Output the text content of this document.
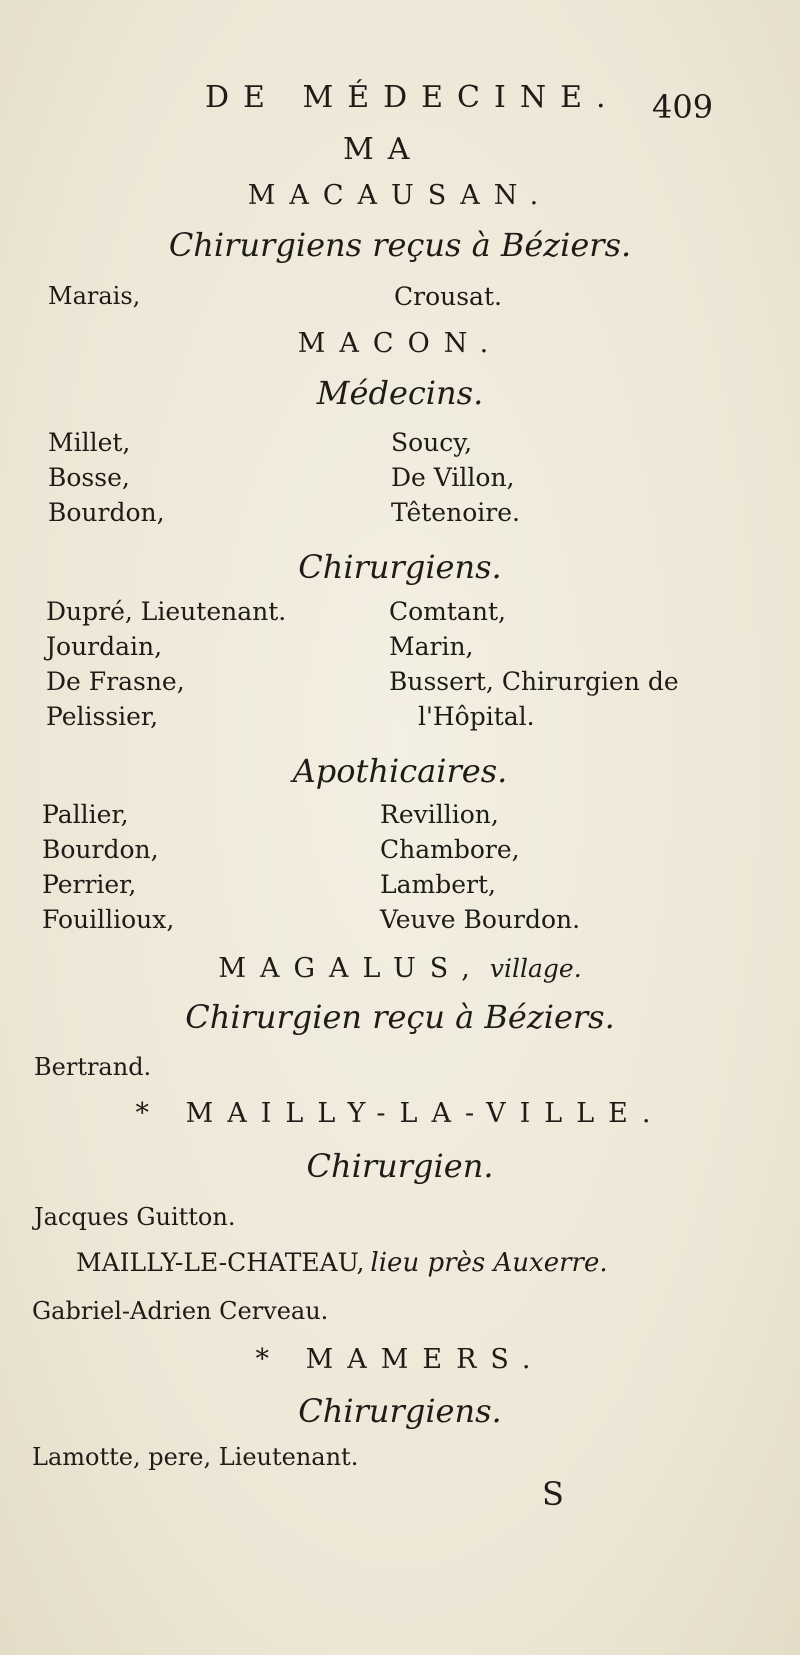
DE MÉDECINE. 409
MA
MACAUSAN.
Chirurgiens reçus à Béziers.
Marais,	Crousat.
MACON.
Médecins.
Millet,
Bosse,
Bourdon,
Soucy,
De Villon,
Têtenoire.
Chirurgiens.
Dupré, Lieutenant.
Jourdain,
De Frasne,
Pelissier,
Comtant,
Marin,
Bussert, Chirurgien de
l'Hôpital.
Apothicaires.
Pallier,
Bourdon,
Perrier,
Fouillioux,
Revillion,
Chambore,
Lambert,
Veuve Bourdon.
MAGALUS, village.
Chirurgien reçu à Béziers.
Bertrand.
* MAILLY-LA-VILLE.
Chirurgien.
Jacques Guitton.
MAILLY-LE-CHATEAU, lieu près Auxerre.
Gabriel-Adrien Cerveau.
* MAMERS.
Chirurgiens.
Lamotte, pere, Lieutenant.
S
